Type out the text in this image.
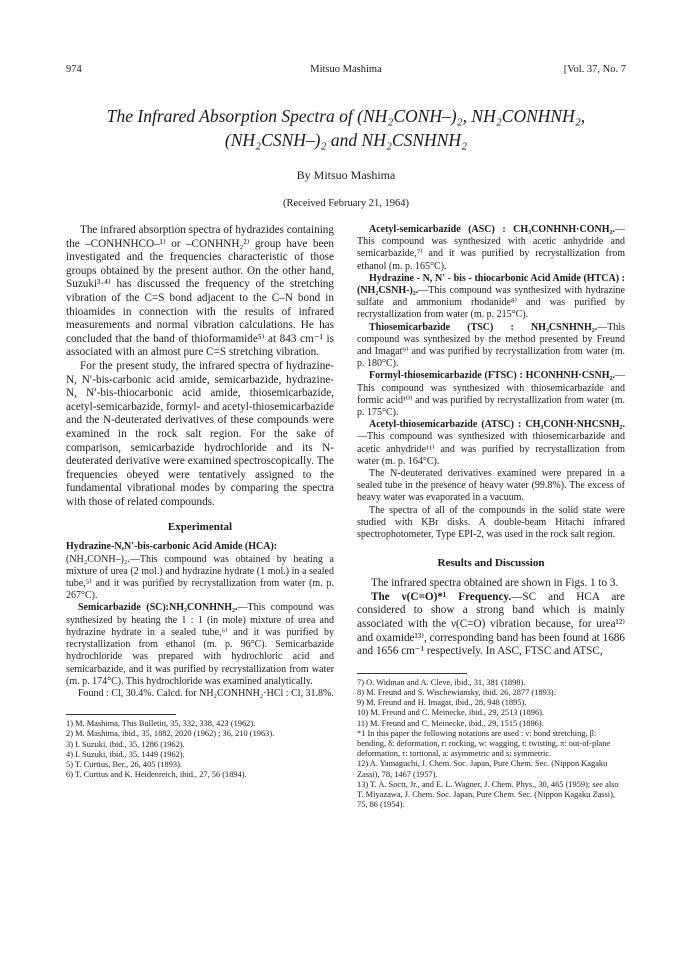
974	Mitsuo Mashima	[Vol. 37, No. 7
The Infrared Absorption Spectra of (NH₂CONH–)₂, NH₂CONHNH₂,
(NH₂CSNH–)₂ and NH₂CSNHNH₂
By Mitsuo Mashima
(Received February 21, 1964)

The infrared absorption spectra of hydrazides containing the –CONHNHCO–¹⁾ or –CONHNH₂²⁾ group have been investigated and the frequencies characteristic of those groups obtained by the present author. On the other hand, Suzuki³·⁴⁾ has discussed the frequency of the stretching vibration of the C=S bond adjacent to the C–N bond in thioamides in connection with the results of infrared measurements and normal vibration calculations. He has concluded that the band of thioformamide⁵⁾ at 843 cm⁻¹ is associated with an almost pure C=S stretching vibration.

For the present study, the infrared spectra of hydrazine-N, N′-bis-carbonic acid amide, semicarbazide, hydrazine-N, N′-bis-thiocarbonic acid amide, thiosemicarbazide, acetyl-semicarbazide, formyl- and acetyl-thiosemicarbazide and the N-deuterated derivatives of these compounds were examined in the rock salt region. For the sake of comparison, semicarbazide hydrochloride and its N-deuterated derivative were examined spectroscopically. The frequencies obeyed were tentatively assigned to the fundamental vibrational modes by comparing the spectra with those of related compounds.

Experimental

Hydrazine-N,N′-bis-carbonic Acid Amide (HCA):
(NH₂CONH–)₂.—This compound was obtained by heating a mixture of urea (2 mol.) and hydrazine hydrate (1 mol.) in a sealed tube,⁵⁾ and it was purified by recrystallization from water (m. p. 267°C).

Semicarbazide (SC):NH₂CONHNH₂.—This compound was synthesized by heating the 1 : 1 (in mole) mixture of urea and hydrazine hydrate in a sealed tube,⁶⁾ and it was purified by recrystallization from ethanol (m. p. 96°C). Semicarbazide hydrochloride was prepared with hydrochloric acid and semicarbazide, and it was purified by recrystallization from water (m. p. 174°C). This hydrochloride was examined analytically.

Found : Cl, 30.4%. Calcd. for NH₂CONHNH₂·HCl : Cl, 31.8%.

1) M. Mashima, This Bulletin, 35, 332, 338, 423 (1962).

2) M. Mashima, ibid., 35, 1882, 2020 (1962) ; 36, 210 (1963).

3) I. Suzuki, ibid., 35, 1286 (1962).

4) I. Suzuki, ibid., 35, 1449 (1962).

5) T. Curtius, Ber., 26, 405 (1893).

6) T. Curtius and K. Heidenreich, ibid., 27, 56 (1894).

Acetyl-semicarbazide (ASC) : CH₃CONHNH·CONH₂.—This compound was synthesized with acetic anhydride and semicarbazide,⁷⁾ and it was purified by recrystallization from ethanol (m. p. 165°C).

Hydrazine - N, N′ - bis - thiocarbonic Acid Amide (HTCA) : (NH₂CSNH-)₂.—This compound was synthesized with hydrazine sulfate and ammonium rhodanide⁸⁾ and was purified by recrystallization from water (m. p. 215°C).

Thiosemicarbazide (TSC) : NH₂CSNHNH₂.—This compound was synthesized by the method presented by Freund and Imagat⁹⁾ and was purified by recrystallization from water (m. p. 180°C).

Formyl-thiosemicarbazide (FTSC) : HCONHNH·CSNH₂.—This compound was synthesized with thiosemicarbazide and formic acid¹⁰⁾ and was purified by recrystallization from water (m. p. 175°C).

Acetyl-thiosemicarbazide (ATSC) : CH₃CONH·NHCSNH₂.—This compound was synthesized with thiosemicarbazide and acetic anhydride¹¹⁾ and was purified by recrystallization from water (m. p. 164°C).

The N-deuterated derivatives examined were prepared in a sealed tube in the presence of heavy water (99.8%). The excess of heavy water was evaporated in a vacuum.

The spectra of all of the compounds in the solid state were studied with KBr disks. A double-beam Hitachi infrared spectrophotometer, Type EPI-2, was used in the rock salt region.

Results and Discussion

The infrared spectra obtained are shown in Figs. 1 to 3.

The ν(C=O)*¹ Frequency.—SC and HCA are considered to show a strong band which is mainly associated with the ν(C=O) vibration because, for urea¹²⁾ and oxamide¹³⁾, corresponding band has been found at 1686 and 1656 cm⁻¹ respectively. In ASC, FTSC and ATSC,

7) O. Widman and A. Cleve, ibid., 31, 381 (1898).

8) M. Freund and S. Wischewiansky, ibid. 26, 2877 (1893).

9) M. Freund and H. Imagat, ibid., 28, 948 (1895).

10) M. Freund and C. Meinecke, ibid., 29, 2513 (1896).

11) M. Freund and C. Meinecke, ibid., 29, 1515 (1896).

*1 In this paper the following notations are used : ν: bond stretching, β: bending, δ: deformation, r: rocking, w: wagging, t: twisting, π: out-of-plane deformation, τ: tortional, a: asymmetric and s: symmetric.

12) A. Yamaguchi, J. Chem. Soc. Japan, Pure Chem. Sec. (Nippon Kagaku Zassi), 78, 1467 (1957).

13) T. A. Soctt, Jr., and E. L. Wagner, J. Chem. Phys., 30, 465 (1959); see also T. Miyazawa, J. Chem. Soc. Japan, Pure Chem. Sec. (Nippon Kagaku Zassi), 75, 86 (1954).
